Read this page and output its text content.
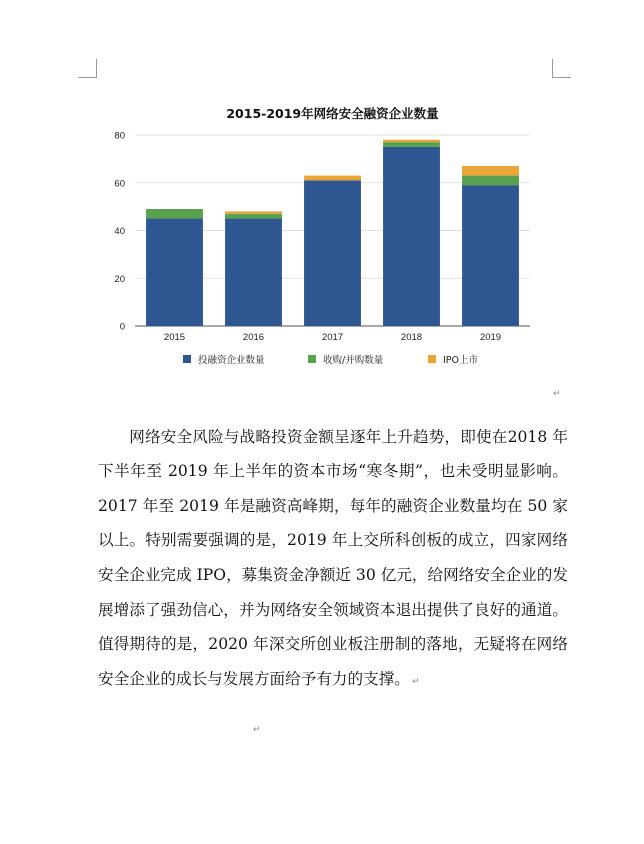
2015-2019年网络安全融资企业数量
0
20
40
60
80
2015	2016	2017	2018	2019
投融资企业数量	收购/并购数量	IPO上市
↵

网络安全风险与战略投资金额呈逐年上升趋势，即使在2018 年下半年至 2019 年上半年的资本市场“寒冬期”，也未受明显影响。2017 年至 2019 年是融资高峰期，每年的融资企业数量均在 50 家以上。特别需要强调的是，2019 年上交所科创板的成立，四家网络安全企业完成 IPO，募集资金净额近 30 亿元，给网络安全企业的发展增添了强劲信心，并为网络安全领域资本退出提供了良好的通道。值得期待的是，2020 年深交所创业板注册制的落地，无疑将在网络安全企业的成长与发展方面给予有力的支撑。 ↵

↵
